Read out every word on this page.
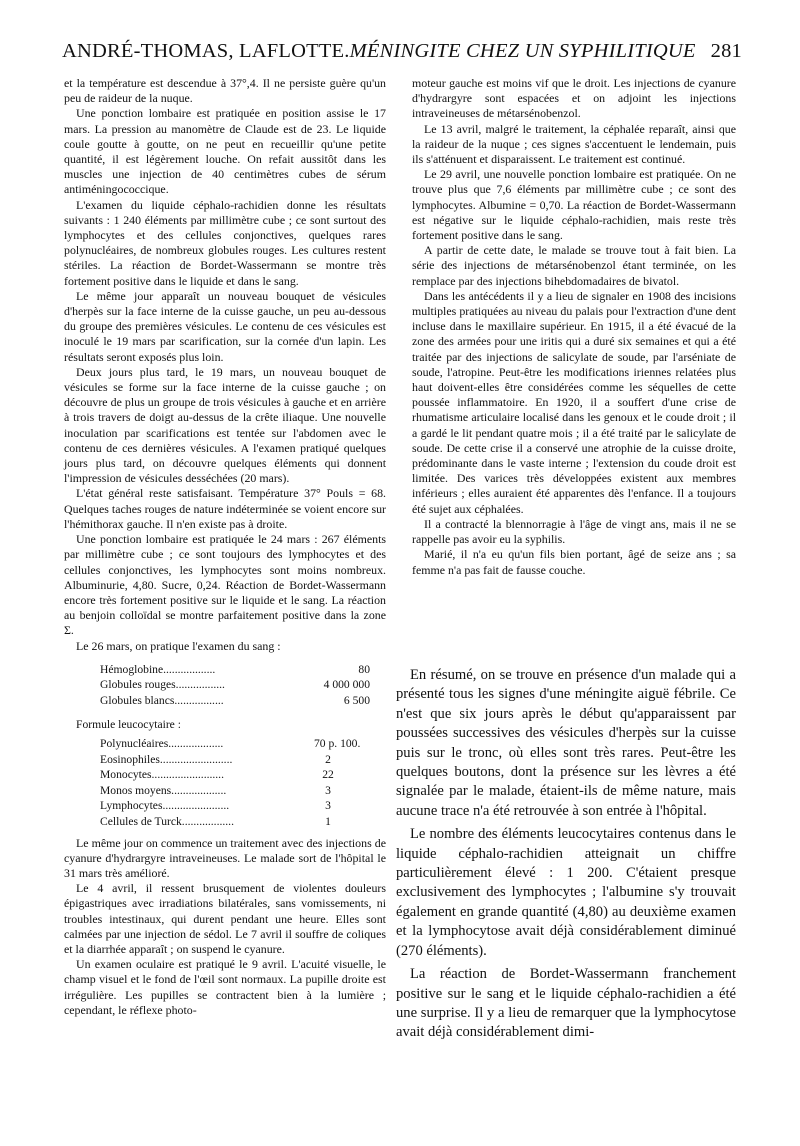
ANDRÉ-THOMAS, LAFLOTTE.MÉNINGITE CHEZ UN SYPHILITIQUE 281

et la température est descendue à 37°,4. Il ne persiste guère qu'un peu de raideur de la nuque.

Une ponction lombaire est pratiquée en position assise le 17 mars. La pression au manomètre de Claude est de 23. Le liquide coule goutte à goutte, on ne peut en recueillir qu'une petite quantité, il est légèrement louche. On refait aussitôt dans les muscles une injection de 40 centimètres cubes de sérum antiméningococcique.

L'examen du liquide céphalo-rachidien donne les résultats suivants : 1 240 éléments par millimètre cube ; ce sont surtout des lymphocytes et des cellules conjonctives, quelques rares polynucléaires, de nombreux globules rouges. Les cultures restent stériles. La réaction de Bordet-Wassermann se montre très fortement positive dans le liquide et dans le sang.

Le même jour apparaît un nouveau bouquet de vésicules d'herpès sur la face interne de la cuisse gauche, un peu au-dessous du groupe des premières vésicules. Le contenu de ces vésicules est inoculé le 19 mars par scarification, sur la cornée d'un lapin. Les résultats seront exposés plus loin.

Deux jours plus tard, le 19 mars, un nouveau bouquet de vésicules se forme sur la face interne de la cuisse gauche ; on découvre de plus un groupe de trois vésicules à gauche et en arrière à trois travers de doigt au-dessus de la crête iliaque. Une nouvelle inoculation par scarifications est tentée sur l'abdomen avec le contenu de ces dernières vésicules. A l'examen pratiqué quelques jours plus tard, on découvre quelques éléments qui donnent l'impression de vésicules desséchées (20 mars).

L'état général reste satisfaisant. Température 37° Pouls = 68. Quelques taches rouges de nature indéterminée se voient encore sur l'hémithorax gauche. Il n'en existe pas à droite.

Une ponction lombaire est pratiquée le 24 mars : 267 éléments par millimètre cube ; ce sont toujours des lymphocytes et des cellules conjonctives, les lymphocytes sont moins nombreux. Albuminurie, 4,80. Sucre, 0,24. Réaction de Bordet-Wassermann encore très fortement positive sur le liquide et le sang. La réaction au benjoin colloïdal se montre parfaitement positive dans la zone Σ.

Le 26 mars, on pratique l'examen du sang :

Hémoglobine..................	80
Globules rouges.................	4 000 000
Globules blancs.................	6 500
Formule leucocytaire :
Polynucléaires...................	70 p. 100.
Eosinophiles.........................	2
Monocytes.........................	22
Monos moyens...................	3
Lymphocytes.......................	3
Cellules de Turck..................	1

Le même jour on commence un traitement avec des injections de cyanure d'hydrargyre intraveineuses. Le malade sort de l'hôpital le 31 mars très amélioré.

Le 4 avril, il ressent brusquement de violentes douleurs épigastriques avec irradiations bilatérales, sans vomissements, ni troubles intestinaux, qui durent pendant une heure. Elles sont calmées par une injection de sédol. Le 7 avril il souffre de coliques et la diarrhée apparaît ; on suspend le cyanure.

Un examen oculaire est pratiqué le 9 avril. L'acuité visuelle, le champ visuel et le fond de l'œil sont normaux. La pupille droite est irrégulière. Les pupilles se contractent bien à la lumière ; cependant, le réflexe photo-

moteur gauche est moins vif que le droit. Les injections de cyanure d'hydrargyre sont espacées et on adjoint les injections intraveineuses de métarsénobenzol.

Le 13 avril, malgré le traitement, la céphalée reparaît, ainsi que la raideur de la nuque ; ces signes s'accentuent le lendemain, puis ils s'atténuent et disparaissent. Le traitement est continué.

Le 29 avril, une nouvelle ponction lombaire est pratiquée. On ne trouve plus que 7,6 éléments par millimètre cube ; ce sont des lymphocytes. Albumine = 0,70. La réaction de Bordet-Wassermann est négative sur le liquide céphalo-rachidien, mais reste très fortement positive dans le sang.

A partir de cette date, le malade se trouve tout à fait bien. La série des injections de métarsénobenzol étant terminée, on les remplace par des injections bihebdomadaires de bivatol.

Dans les antécédents il y a lieu de signaler en 1908 des incisions multiples pratiquées au niveau du palais pour l'extraction d'une dent incluse dans le maxillaire supérieur. En 1915, il a été évacué de la zone des armées pour une iritis qui a duré six semaines et qui a été traitée par des injections de salicylate de soude, par l'arséniate de soude, l'atropine. Peut-être les modifications iriennes relatées plus haut doivent-elles être considérées comme les séquelles de cette poussée inflammatoire. En 1920, il a souffert d'une crise de rhumatisme articulaire localisé dans les genoux et le coude droit ; il a gardé le lit pendant quatre mois ; il a été traité par le salicylate de soude. De cette crise il a conservé une atrophie de la cuisse droite, prédominante dans le vaste interne ; l'extension du coude droit est limitée. Des varices très développées existent aux membres inférieurs ; elles auraient été apparentes dès l'enfance. Il a toujours été sujet aux céphalées.

Il a contracté la blennorragie à l'âge de vingt ans, mais il ne se rappelle pas avoir eu la syphilis.

Marié, il n'a eu qu'un fils bien portant, âgé de seize ans ; sa femme n'a pas fait de fausse couche.

En résumé, on se trouve en présence d'un malade qui a présenté tous les signes d'une méningite aiguë fébrile. Ce n'est que six jours après le début qu'apparaissent par poussées successives des vésicules d'herpès sur la cuisse puis sur le tronc, où elles sont très rares. Peut-être les quelques boutons, dont la présence sur les lèvres a été signalée par le malade, étaient-ils de même nature, mais aucune trace n'a été retrouvée à son entrée à l'hôpital.

Le nombre des éléments leucocytaires contenus dans le liquide céphalo-rachidien atteignait un chiffre particulièrement élevé : 1 200. C'étaient presque exclusivement des lymphocytes ; l'albumine s'y trouvait également en grande quantité (4,80) au deuxième examen et la lymphocytose avait déjà considérablement diminué (270 éléments).

La réaction de Bordet-Wassermann franchement positive sur le sang et le liquide céphalo-rachidien a été une surprise. Il y a lieu de remarquer que la lymphocytose avait déjà considérablement dimi-
